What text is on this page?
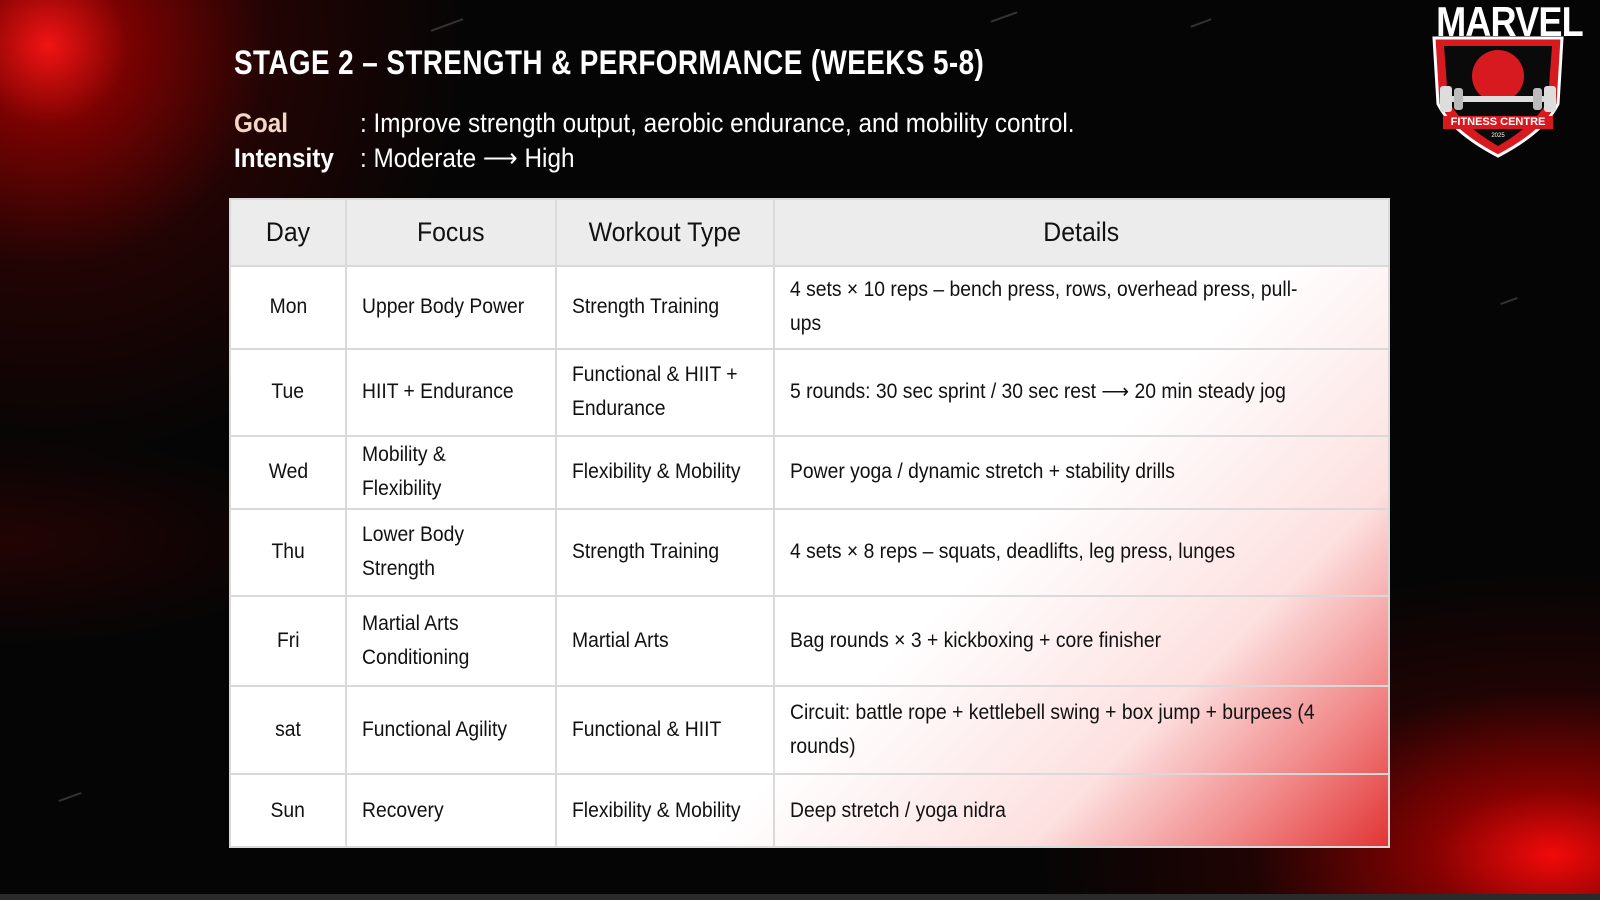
STAGE 2 – STRENGTH & PERFORMANCE (WEEKS 5-8)
Goal	: Improve strength output, aerobic endurance, and mobility control.
Intensity : Moderate ⟶ High
MARVEL
FITNESS CENTRE
2025
Day	Focus	Workout Type	Details
Mon	Upper Body Power	Strength Training	4 sets × 10 reps – bench press, rows, overhead press, pull-ups
Tue	HIIT + Endurance	Functional & HIIT + Endurance	5 rounds: 30 sec sprint / 30 sec rest ⟶ 20 min steady jog
Wed	Mobility & Flexibility	Flexibility & Mobility	Power yoga / dynamic stretch + stability drills
Thu	Lower Body Strength	Strength Training	4 sets × 8 reps – squats, deadlifts, leg press, lunges
Fri	Martial Arts Conditioning	Martial Arts	Bag rounds × 3 + kickboxing + core finisher
sat	Functional Agility	Functional & HIIT	Circuit: battle rope + kettlebell swing + box jump + burpees (4 rounds)
Sun	Recovery	Flexibility & Mobility	Deep stretch / yoga nidra
